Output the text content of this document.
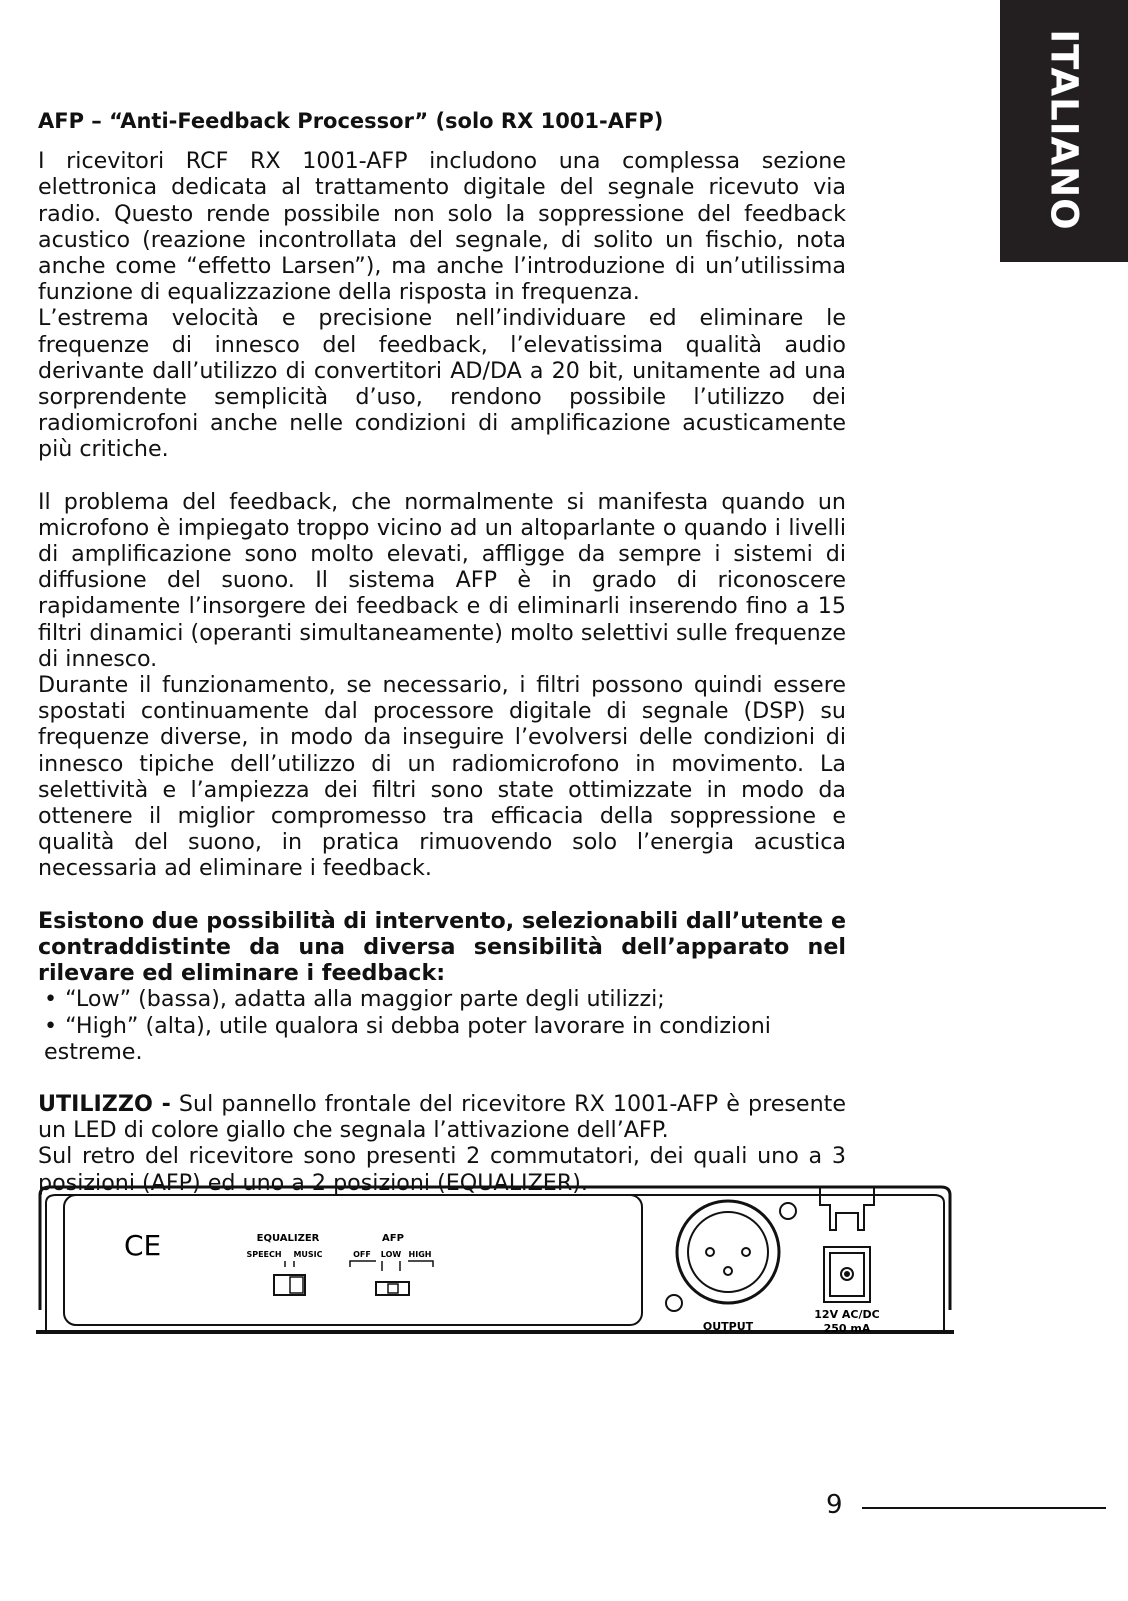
ITALIANO

AFP – “Anti-Feedback Processor” (solo RX 1001-AFP)

I ricevitori RCF RX 1001-AFP includono una complessa sezione elettronica dedicata al trattamento digitale del segnale ricevuto via radio. Questo rende possibile non solo la soppressione del feedback acustico (reazione incontrollata del segnale, di solito un fischio, nota anche come “effetto Larsen”), ma anche l’introduzione di un’utilissima funzione di equalizzazione della risposta in frequenza.

L’estrema velocità e precisione nell’individuare ed eliminare le frequenze di innesco del feedback, l’elevatissima qualità audio derivante dall’utilizzo di convertitori AD/DA a 20 bit, unitamente ad una sorprendente semplicità d’uso, rendono possibile l’utilizzo dei radiomicrofoni anche nelle condizioni di amplificazione acusticamente più critiche.

Il problema del feedback, che normalmente si manifesta quando un microfono è impiegato troppo vicino ad un altoparlante o quando i livelli di amplificazione sono molto elevati, affligge da sempre i sistemi di diffusione del suono. Il sistema AFP è in grado di riconoscere rapidamente l’insorgere dei feedback e di eliminarli inserendo fino a 15 filtri dinamici (operanti simultaneamente) molto selettivi sulle frequenze di innesco.

Durante il funzionamento, se necessario, i filtri possono quindi essere spostati continuamente dal processore digitale di segnale (DSP) su frequenze diverse, in modo da inseguire l’evolversi delle condizioni di innesco tipiche dell’utilizzo di un radiomicrofono in movimento. La selettività e l’ampiezza dei filtri sono state ottimizzate in modo da ottenere il miglior compromesso tra efficacia della soppressione e qualità del suono, in pratica rimuovendo solo l’energia acustica necessaria ad eliminare i feedback.

Esistono due possibilità di intervento, selezionabili dall’utente e contraddistinte da una diversa sensibilità dell’apparato nel rilevare ed eliminare i feedback:

• “Low” (bassa), adatta alla maggior parte degli utilizzi;
• “High” (alta), utile qualora si debba poter lavorare in condizioni estreme.

UTILIZZO - Sul pannello frontale del ricevitore RX 1001-AFP è presente un LED di colore giallo che segnala l’attivazione dell’AFP.

Sul retro del ricevitore sono presenti 2 commutatori, dei quali uno a 3 posizioni (AFP) ed uno a 2 posizioni (EQUALIZER).

CE	EQUALIZER
SPEECH MUSIC
AFP
OFF LOW HIGH
OUTPUT
12V AC/DC
250 mA
9
